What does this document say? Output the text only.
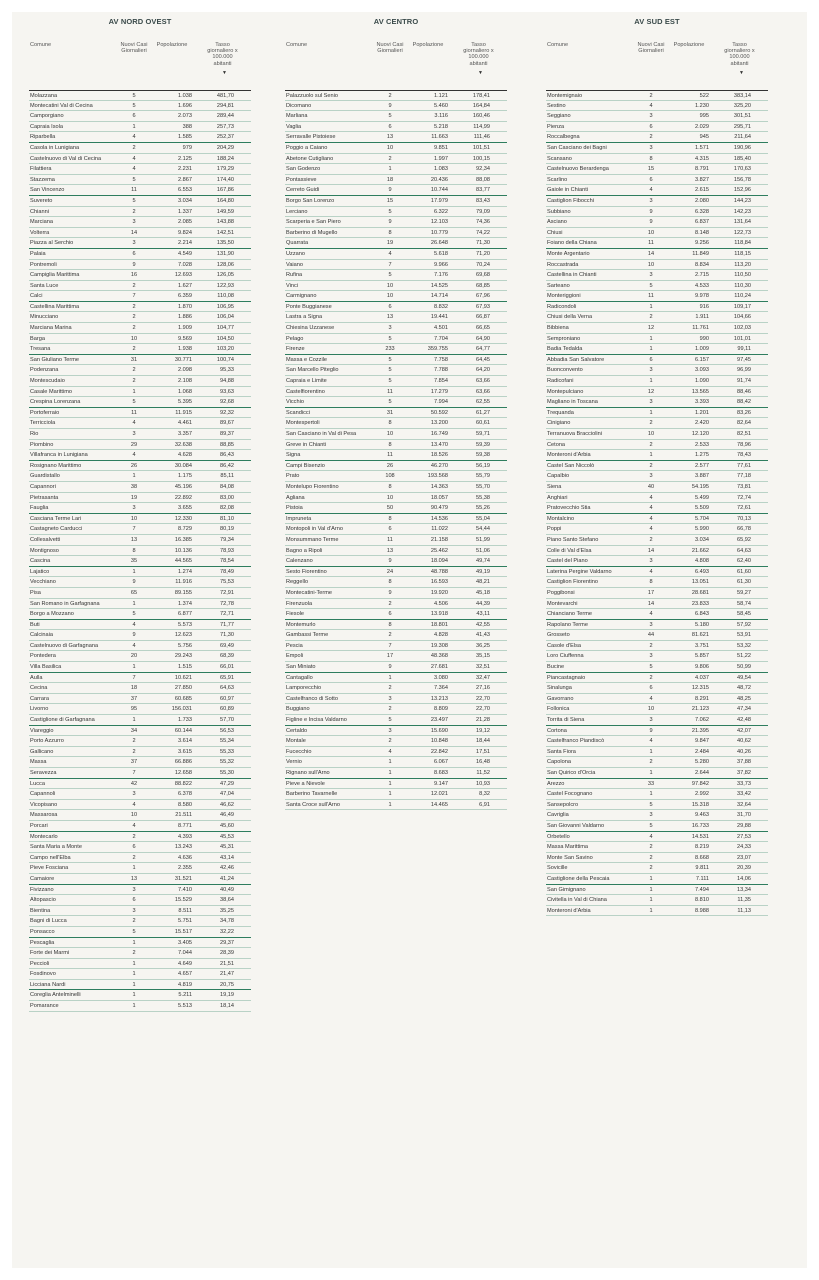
AV NORD OVEST
Comune	Nuovi Casi
Giornalieri
Popolazione	Tasso
giornaliero x
100.000
abitanti
▼
Molazzana	5	1.038	481,70
Montecatini Val di Cecina	5	1.696	294,81
Camporgiano	6	2.073	289,44
Capraia Isola	1	388	257,73
Riparbella	4	1.585	252,37
Casola in Lunigiana	2	979	204,29
Castelnuovo di Val di Cecina	4	2.125	188,24
Filattiera	4	2.231	179,29
Stazzema	5	2.867	174,40
San Vincenzo	11	6.553	167,86
Suvereto	5	3.034	164,80
Chianni	2	1.337	149,59
Marciana	3	2.085	143,88
Volterra	14	9.824	142,51
Piazza al Serchio	3	2.214	135,50
Palaia	6	4.549	131,90
Pontremoli	9	7.028	128,06
Campiglia Marittima	16	12.693	126,05
Santa Luce	2	1.627	122,93
Calci	7	6.359	110,08
Castellina Marittima	2	1.870	106,95
Minucciano	2	1.886	106,04
Marciana Marina	2	1.909	104,77
Barga	10	9.569	104,50
Tresana	2	1.938	103,20
San Giuliano Terme	31	30.771	100,74
Podenzana	2	2.098	95,33
Montescudaio	2	2.108	94,88
Casale Marittimo	1	1.068	93,63
Crespina Lorenzana	5	5.395	92,68
Portoferraio	11	11.915	92,32
Terricciola	4	4.461	89,67
Rio	3	3.357	89,37
Piombino	29	32.638	88,85
Villafranca in Lunigiana	4	4.628	86,43
Rosignano Marittimo	26	30.084	86,42
Guardistallo	1	1.175	85,11
Capannori	38	45.196	84,08
Pietrasanta	19	22.892	83,00
Fauglia	3	3.655	82,08
Casciana Terme Lari	10	12.330	81,10
Castagneto Carducci	7	8.729	80,19
Collesalvetti	13	16.385	79,34
Montignoso	8	10.136	78,93
Cascina	35	44.565	78,54
Lajatico	1	1.274	78,49
Vecchiano	9	11.916	75,53
Pisa	65	89.155	72,91
San Romano in Garfagnana	1	1.374	72,78
Borgo a Mozzano	5	6.877	72,71
Buti	4	5.573	71,77
Calcinaia	9	12.623	71,30
Castelnuovo di Garfagnana	4	5.756	69,49
Pontedera	20	29.243	68,39
Villa Basilica	1	1.515	66,01
Aulla	7	10.621	65,91
Cecina	18	27.850	64,63
Carrara	37	60.685	60,97
Livorno	95	156.031	60,89
Castiglione di Garfagnana	1	1.733	57,70
Viareggio	34	60.144	56,53
Porto Azzurro	2	3.614	55,34
Gallicano	2	3.615	55,33
Massa	37	66.886	55,32
Seravezza	7	12.658	55,30
Lucca	42	88.822	47,29
Capannoli	3	6.378	47,04
Vicopisano	4	8.580	46,62
Massarosa	10	21.511	46,49
Porcari	4	8.771	45,60
Montecarlo	2	4.393	45,53
Santa Maria a Monte	6	13.243	45,31
Campo nell'Elba	2	4.636	43,14
Pieve Fosciana	1	2.355	42,46
Camaiore	13	31.521	41,24
Fivizzano	3	7.410	40,49
Altopascio	6	15.529	38,64
Bientina	3	8.511	35,25
Bagni di Lucca	2	5.751	34,78
Ponsacco	5	15.517	32,22
Pescaglia	1	3.405	29,37
Forte dei Marmi	2	7.044	28,39
Peccioli	1	4.649	21,51
Fosdinovo	1	4.657	21,47
Licciana Nardi	1	4.819	20,75
Coreglia Antelminelli	1	5.211	19,19
Pomarance	1	5.513	18,14
AV CENTRO
Comune	Nuovi Casi
Giornalieri
Popolazione	Tasso
giornaliero x
100.000
abitanti
▼
Palazzuolo sul Senio	2	1.121	178,41
Dicomano	9	5.460	164,84
Marliana	5	3.116	160,46
Vaglia	6	5.218	114,99
Serravalle Pistoiese	13	11.663	111,46
Poggio a Caiano	10	9.851	101,51
Abetone Cutigliano	2	1.997	100,15
San Godenzo	1	1.083	92,34
Pontassieve	18	20.436	88,08
Cerreto Guidi	9	10.744	83,77
Borgo San Lorenzo	15	17.979	83,43
Lerciano	5	6.322	79,09
Scarperia e San Piero	9	12.103	74,36
Barberino di Mugello	8	10.779	74,22
Quarrata	19	26.648	71,30
Uzzano	4	5.618	71,20
Vaiano	7	9.966	70,24
Rufina	5	7.176	69,68
Vinci	10	14.525	68,85
Carmignano	10	14.714	67,96
Ponte Buggianese	6	8.832	67,93
Lastra a Signa	13	19.441	66,87
Chiesina Uzzanese	3	4.501	66,65
Pelago	5	7.704	64,90
Firenze	233	359.755	64,77
Massa e Cozzile	5	7.758	64,45
San Marcello Piteglio	5	7.788	64,20
Capraia e Limite	5	7.854	63,66
Castelfiorentino	11	17.279	63,66
Vicchio	5	7.994	62,55
Scandicci	31	50.592	61,27
Montespertoli	8	13.200	60,61
San Casciano in Val di Pesa	10	16.749	59,71
Greve in Chianti	8	13.470	59,39
Signa	11	18.526	59,38
Campi Bisenzio	26	46.270	56,19
Prato	108	193.568	55,79
Montelupo Fiorentino	8	14.363	55,70
Agliana	10	18.057	55,38
Pistoia	50	90.479	55,26
Impruneta	8	14.536	55,04
Montopoli in Val d'Arno	6	11.022	54,44
Monsummano Terme	11	21.158	51,99
Bagno a Ripoli	13	25.462	51,06
Calenzano	9	18.094	49,74
Sesto Fiorentino	24	48.788	49,19
Reggello	8	16.593	48,21
Montecatini-Terme	9	19.920	45,18
Firenzuola	2	4.506	44,39
Fiesole	6	13.918	43,11
Montemurlo	8	18.801	42,55
Gambassi Terme	2	4.828	41,43
Pescia	7	19.308	36,25
Empoli	17	48.368	35,15
San Miniato	9	27.681	32,51
Cantagallo	1	3.080	32,47
Lamporecchio	2	7.364	27,16
Castelfranco di Sotto	3	13.213	22,70
Buggiano	2	8.809	22,70
Figline e Incisa Valdarno	5	23.497	21,28
Certaldo	3	15.690	19,12
Montale	2	10.848	18,44
Fucecchio	4	22.842	17,51
Vernio	1	6.067	16,48
Rignano sull'Arno	1	8.683	11,52
Pieve a Nievole	1	9.147	10,93
Barberino Tavarnelle	1	12.021	8,32
Santa Croce sull'Arno	1	14.465	6,91
AV SUD EST
Comune	Nuovi Casi
Giornalieri
Popolazione	Tasso
giornaliero x
100.000
abitanti
▼
Montemignaio	2	522	383,14
Sestino	4	1.230	325,20
Seggiano	3	995	301,51
Pienza	6	2.029	295,71
Roccalbegna	2	945	211,64
San Casciano dei Bagni	3	1.571	190,96
Scansano	8	4.315	185,40
Castelnuovo Berardenga	15	8.791	170,63
Scarlino	6	3.827	156,78
Gaiole in Chianti	4	2.615	152,96
Castiglion Fibocchi	3	2.080	144,23
Subbiano	9	6.328	142,23
Asciano	9	6.837	131,64
Chiusi	10	8.148	122,73
Foiano della Chiana	11	9.256	118,84
Monte Argentario	14	11.849	118,15
Roccastrada	10	8.834	113,20
Castellina in Chianti	3	2.715	110,50
Sarteano	5	4.533	110,30
Monteriggioni	11	9.978	110,24
Radicondoli	1	916	109,17
Chiusi della Verna	2	1.911	104,66
Bibbiena	12	11.761	102,03
Semproniano	1	990	101,01
Badia Tedalda	1	1.009	99,11
Abbadia San Salvatore	6	6.157	97,45
Buonconvento	3	3.093	96,99
Radicofani	1	1.090	91,74
Montepulciano	12	13.565	88,46
Magliano in Toscana	3	3.393	88,42
Trequanda	1	1.201	83,26
Cinigiano	2	2.420	82,64
Terranuova Bracciolini	10	12.120	82,51
Cetona	2	2.533	78,96
Monteroni d'Arbia	1	1.275	78,43
Castel San Niccolò	2	2.577	77,61
Capalbio	3	3.887	77,18
Siena	40	54.195	73,81
Anghiari	4	5.499	72,74
Pratovecchio Stia	4	5.509	72,61
Montalcino	4	5.704	70,13
Poppi	4	5.990	66,78
Piano Santo Stefano	2	3.034	65,92
Colle di Val d'Elsa	14	21.662	64,63
Castel del Piano	3	4.808	62,40
Laterina Pergine Valdarno	4	6.493	61,60
Castiglion Fiorentino	8	13.051	61,30
Poggibonsi	17	28.681	59,27
Montevarchi	14	23.833	58,74
Chianciano Terme	4	6.843	58,45
Rapolano Terme	3	5.180	57,92
Grosseto	44	81.621	53,91
Casole d'Elsa	2	3.751	53,32
Loro Ciuffenna	3	5.857	51,22
Bucine	5	9.806	50,99
Piancastagnaio	2	4.037	49,54
Sinalunga	6	12.315	48,72
Gavorrano	4	8.291	48,25
Follonica	10	21.123	47,34
Torrita di Siena	3	7.062	42,48
Cortona	9	21.395	42,07
Castelfranco Piandiscò	4	9.847	40,62
Santa Fiora	1	2.484	40,26
Capolona	2	5.280	37,88
San Quirico d'Orcia	1	2.644	37,82
Arezzo	33	97.842	33,73
Castel Focognano	1	2.992	33,42
Sansepolcro	5	15.318	32,64
Cavriglia	3	9.463	31,70
San Giovanni Valdarno	5	16.733	29,88
Orbetello	4	14.531	27,53
Massa Marittima	2	8.219	24,33
Monte San Savino	2	8.668	23,07
Sovicille	2	9.811	20,39
Castiglione della Pescaia	1	7.111	14,06
San Gimignano	1	7.494	13,34
Civitella in Val di Chiana	1	8.810	11,35
Monteroni d'Arbia	1	8.988	11,13
